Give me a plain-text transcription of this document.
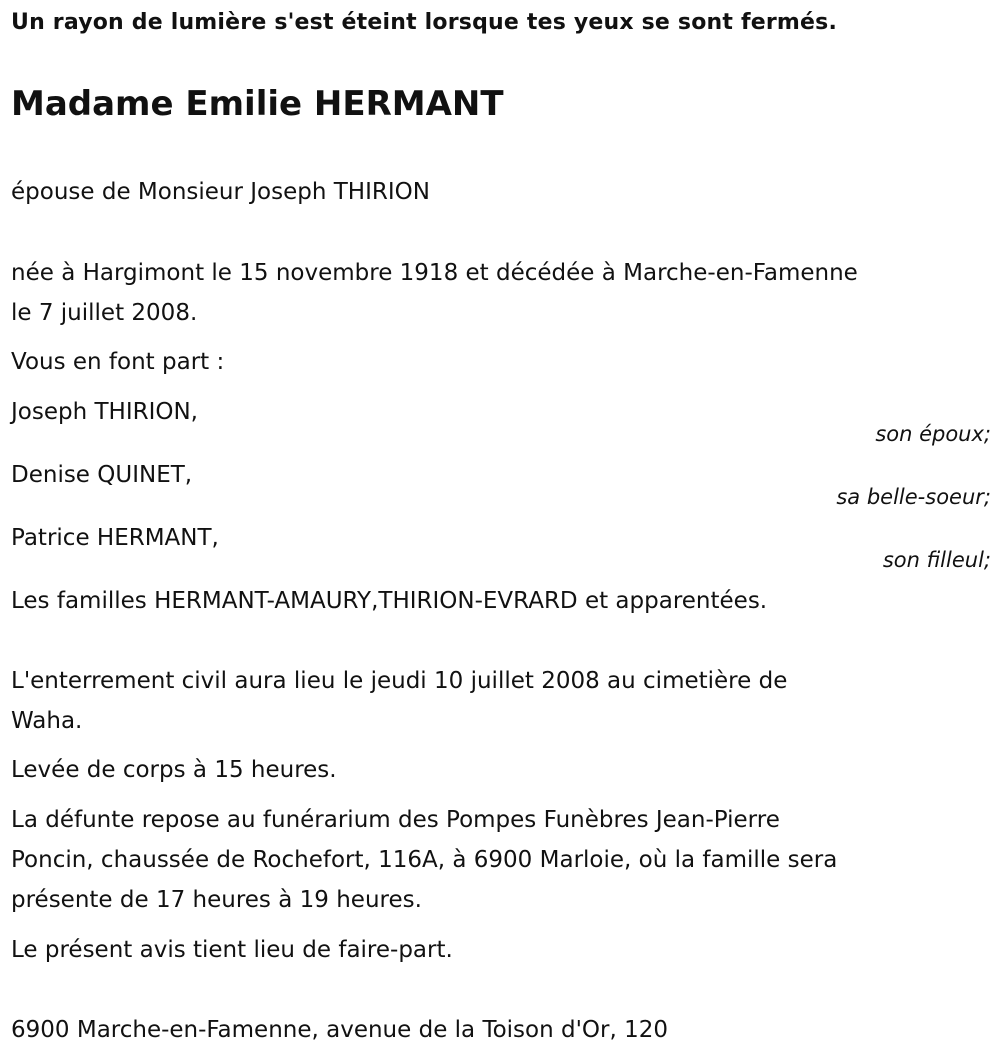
Un rayon de lumière s'est éteint lorsque tes yeux se sont fermés.
Madame Emilie HERMANT
épouse de Monsieur Joseph THIRION
née à Hargimont le 15 novembre 1918 et décédée à Marche-en-Famenne
le 7 juillet 2008.
Vous en font part :
Joseph THIRION,
son époux;
Denise QUINET,
sa belle-soeur;
Patrice HERMANT,
son filleul;
Les familles HERMANT-AMAURY,THIRION-EVRARD et apparentées.
L'enterrement civil aura lieu le jeudi 10 juillet 2008 au cimetière de
Waha.
Levée de corps à 15 heures.
La défunte repose au funérarium des Pompes Funèbres Jean-Pierre
Poncin, chaussée de Rochefort, 116A, à 6900 Marloie, où la famille sera
présente de 17 heures à 19 heures.
Le présent avis tient lieu de faire-part.
6900 Marche-en-Famenne, avenue de la Toison d'Or, 120
